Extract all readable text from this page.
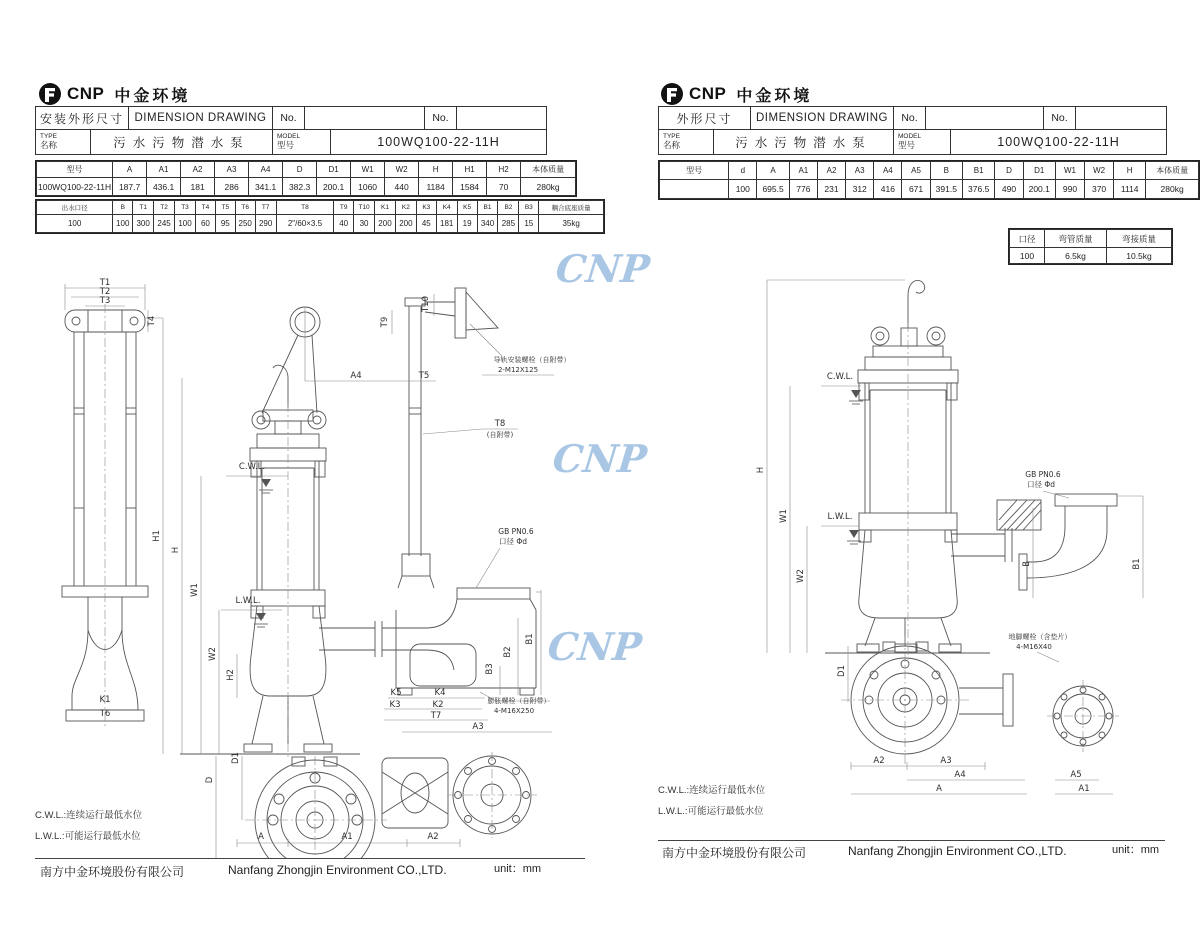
CNP 中金环境
安装外形尺寸 DIMENSION DRAWING	No.	No.
TYPE
名称	污水污物潜水泵	MODEL
型号	100WQ100-22-11H
型号	A	A1	A2	A3	A4	D	D1	W1	W2	H	H1	H2	本体质量
100WQ100-22-11H	187.7	436.1	181	286	341.1	382.3	200.1	1060	440	1184	1584	70	280kg
出水口径	B	T1	T2	T3	T4	T5	T6	T7	T8	T9	T10	K1	K2	K3	K4	K5	B1	B2	B3	耦合底座质量
100	100	300	245	100	60	95	250	290	2"/60×3.5	40	30	200	200	45	181	19	340	285	15	35kg
T1
T2
T3
T4
H1
H
K1
T6
A4	T5
T9
T10
C.W.L.
L.W.L.
W1
W2
H2
T8
(自附带)
导轨安装螺栓（自附带）
2-M12X125
GB PN0.6
口径 Φd
B1
B2
B3
K5	K4
K3	K2
T7
A3
膨胀螺栓（自附带）
4-M16X250
D1
D
A	A1	A2
C.W.L.:连续运行最低水位
L.W.L.:可能运行最低水位
南方中金环境股份有限公司	Nanfang Zhongjin Environment CO.,LTD.	unit：mm
CNP 中金环境
外形尺寸	DIMENSION DRAWING	No.	No.
TYPE
名称	污水污物潜水泵	MODEL
型号	100WQ100-22-11H
型号	d	A	A1	A2	A3	A4	A5	B	B1	D	D1	W1	W2	H	本体质量
	100	695.5	776	231	312	416	671	391.5	376.5	490	200.1	990	370	1114	280kg
口径	弯管质量	弯接质量
100	6.5kg	10.5kg
C.W.L.
L.W.L.
H
W1
W2
GB PN0.6
口径 Φd
B	B1
D1
地脚螺栓（含垫片）
4-M16X40
A2	A3
A4	A5
A	A1
C.W.L.:连续运行最低水位
L.W.L.:可能运行最低水位
南方中金环境股份有限公司	Nanfang Zhongjin Environment CO.,LTD.	unit：mm
CNP
CNP
CNP
